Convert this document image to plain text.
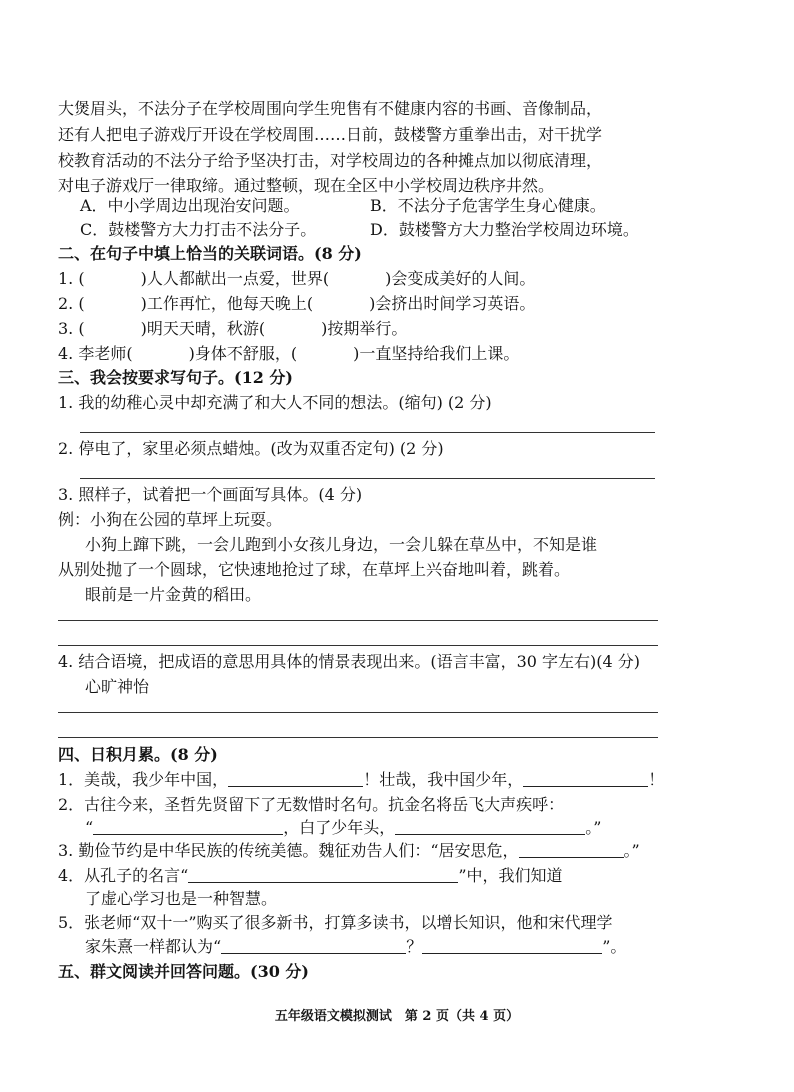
大煲眉头，不法分子在学校周围向学生兜售有不健康内容的书画、音像制品，
还有人把电子游戏厅开设在学校周围……日前，鼓楼警方重拳出击，对干扰学
校教育活动的不法分子给予坚决打击，对学校周边的各种摊点加以彻底清理，
对电子游戏厅一律取缔。通过整顿，现在全区中小学校周边秩序井然。
A．中小学周边出现治安问题。	B．不法分子危害学生身心健康。
C．鼓楼警方大力打击不法分子。	D．鼓楼警方大力整治学校周边环境。
二、在句子中填上恰当的关联词语。(8 分)
1. (	)人人都献出一点爱，世界(	)会变成美好的人间。
2. (	)工作再忙，他每天晚上(	)会挤出时间学习英语。
3. (	)明天天晴，秋游(	)按期举行。
4. 李老师(	)身体不舒服，(	)一直坚持给我们上课。
三、我会按要求写句子。(12 分)
1. 我的幼稚心灵中却充满了和大人不同的想法。(缩句) (2 分)
2. 停电了，家里必须点蜡烛。(改为双重否定句) (2 分)
3. 照样子，试着把一个画面写具体。(4 分)
例：小狗在公园的草坪上玩耍。
小狗上蹿下跳，一会儿跑到小女孩儿身边，一会儿躲在草丛中，不知是谁
从别处抛了一个圆球，它快速地抢过了球，在草坪上兴奋地叫着，跳着。
眼前是一片金黄的稻田。
4. 结合语境，把成语的意思用具体的情景表现出来。(语言丰富，30 字左右)(4 分)
心旷神怡
四、日积月累。(8 分)
1．美哉，我少年中国，	！壮哉，我中国少年，	！
2．古往今来，圣哲先贤留下了无数惜时名句。抗金名将岳飞大声疾呼：
“	，白了少年头，	。”
3. 勤俭节约是中华民族的传统美德。魏征劝告人们：“居安思危，	。”
4．从孔子的名言“	”中，我们知道
了虚心学习也是一种智慧。
5．张老师“双十一”购买了很多新书，打算多读书，以增长知识，他和宋代理学
家朱熹一样都认为“	？	”。
五、群文阅读并回答问题。(30 分)
五年级语文模拟测试　第 2 页（共 4 页）
